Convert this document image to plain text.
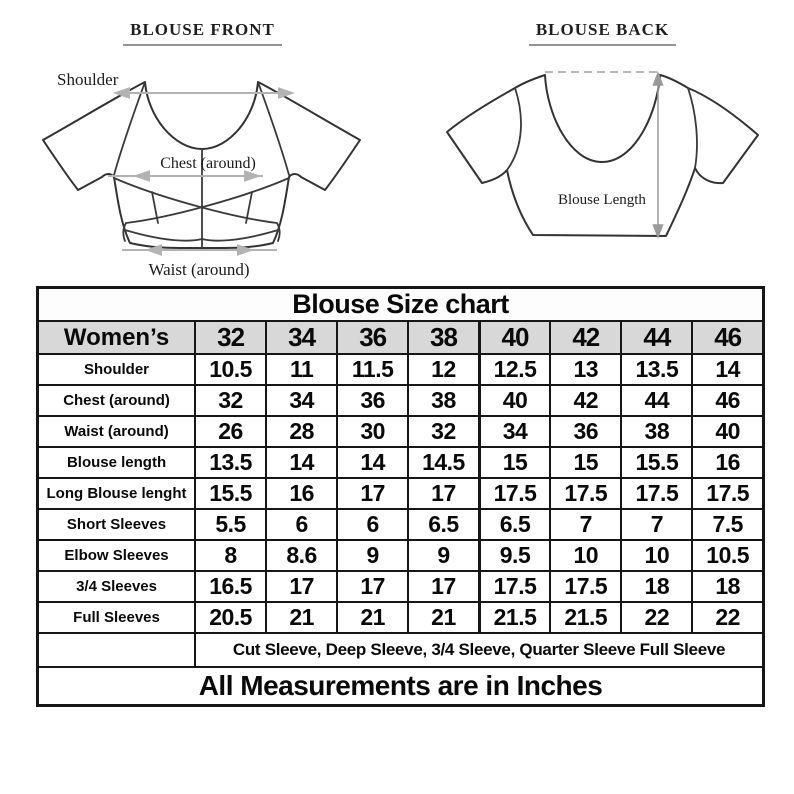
BLOUSE FRONT
Shoulder
Chest (around)
Waist (around)
BLOUSE BACK
Blouse Length
Blouse Size chart								
Women’s	32	34	36	38	40	42	44	46
Shoulder	10.5	11	11.5	12	12.5	13	13.5	14
Chest (around)	32	34	36	38	40	42	44	46
Waist (around)	26	28	30	32	34	36	38	40
Blouse length	13.5	14	14	14.5	15	15	15.5	16
Long Blouse lenght	15.5	16	17	17	17.5	17.5	17.5	17.5
Short Sleeves	5.5	6	6	6.5	6.5	7	7	7.5
Elbow Sleeves	8	8.6	9	9	9.5	10	10	10.5
3/4 Sleeves	16.5	17	17	17	17.5	17.5	18	18
Full Sleeves	20.5	21	21	21	21.5	21.5	22	22
	Cut Sleeve, Deep Sleeve, 3/4 Sleeve, Quarter Sleeve Full Sleeve							
All Measurements are in Inches								
